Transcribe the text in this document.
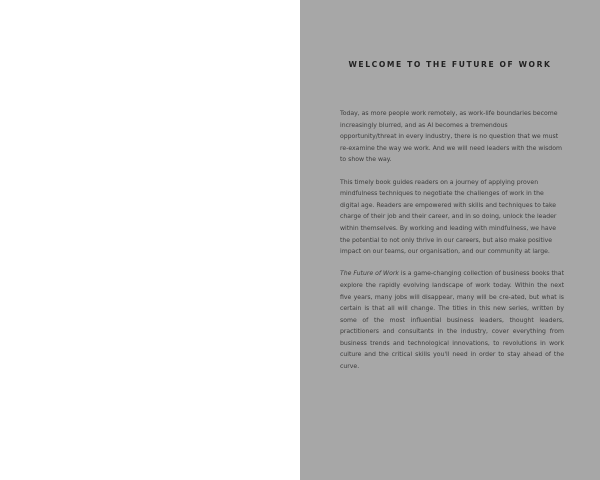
WELCOME TO THE FUTURE OF WORK

Today, as more people work remotely, as work-life boundaries become increasingly blurred, and as AI becomes a tremendous opportunity/threat in every industry, there is no question that we must re-examine the way we work. And we will need leaders with the wisdom to show the way.

This timely book guides readers on a journey of applying proven mindfulness techniques to negotiate the challenges of work in the digital age. Readers are empowered with skills and techniques to take charge of their job and their career, and in so doing, unlock the leader within themselves. By working and leading with mindfulness, we have the potential to not only thrive in our careers, but also make positive impact on our teams, our organisation, and our community at large.

The Future of Work is a game-changing collection of business books that explore the rapidly evolving landscape of work today. Within the next five years, many jobs will disappear, many will be cre-ated, but what is certain is that all will change. The titles in this new series, written by some of the most influential business leaders, thought leaders, practitioners and consultants in the industry, cover everything from business trends and technological innovations, to revolutions in work culture and the critical skills you'll need in order to stay ahead of the curve.
